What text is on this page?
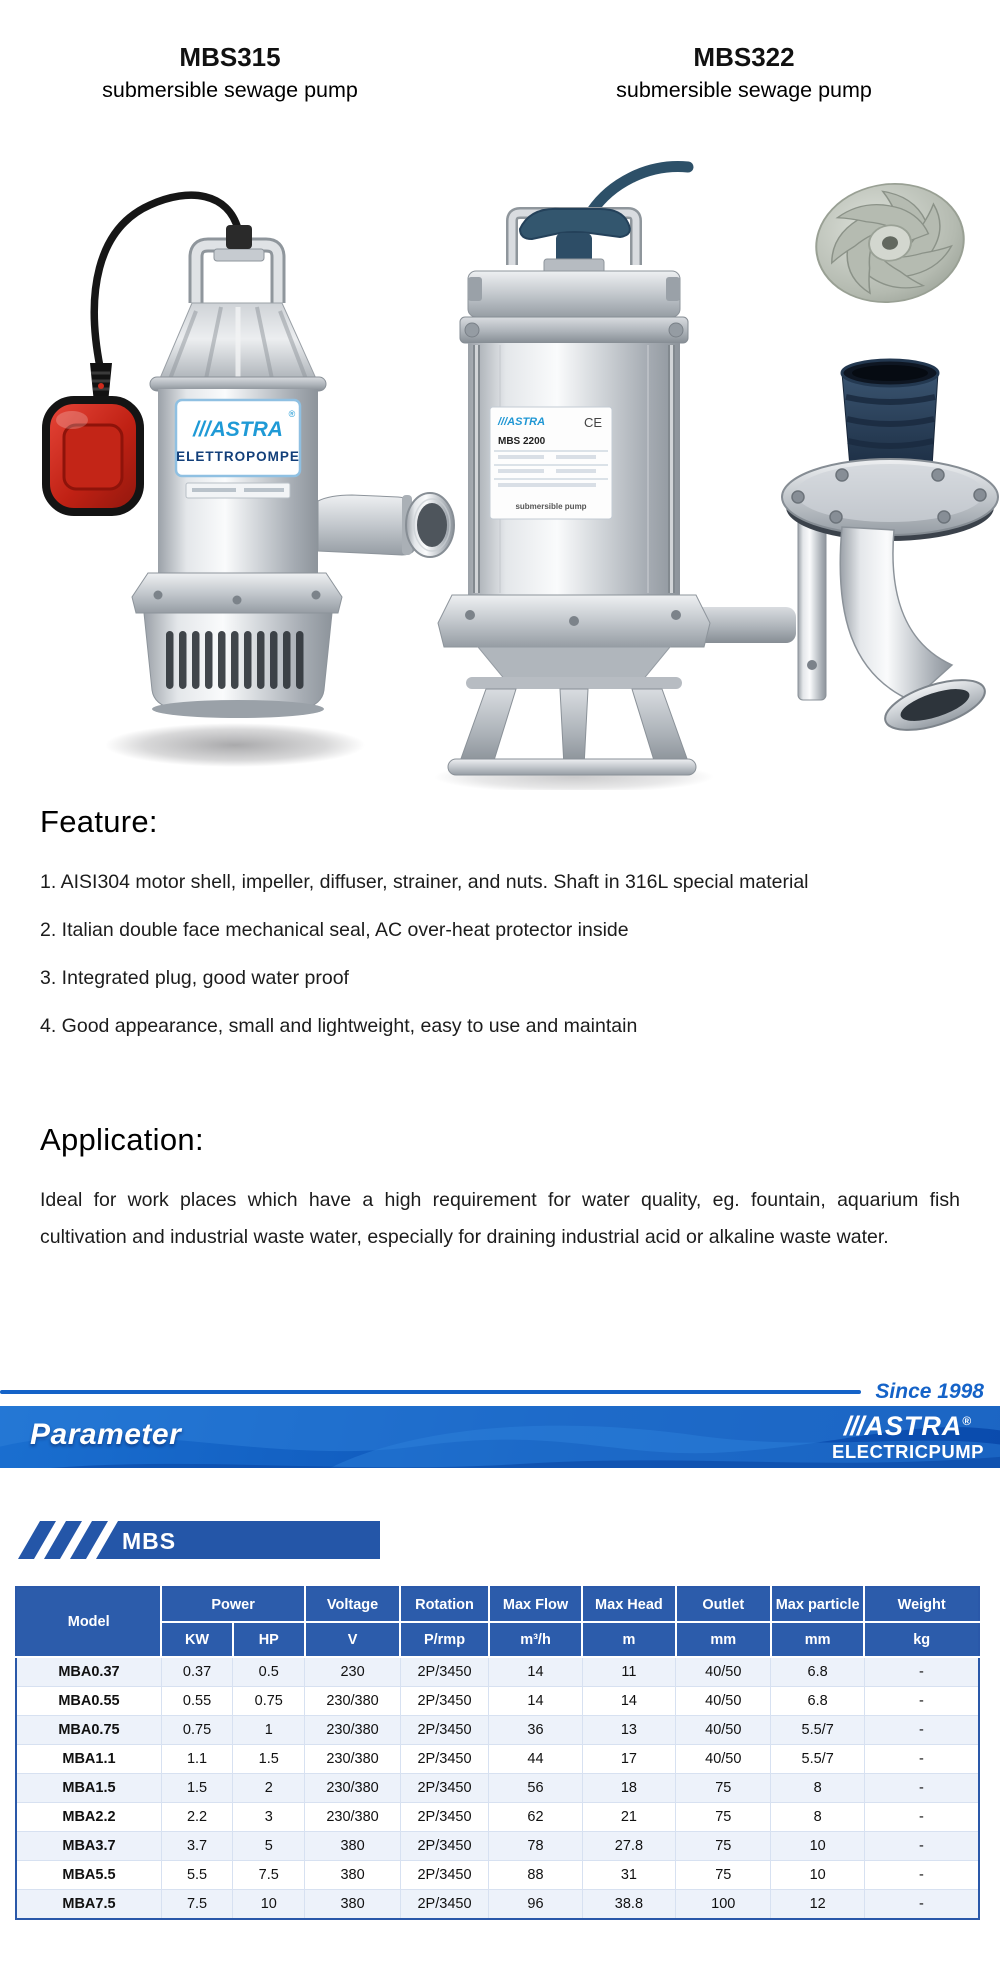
MBS315
submersible sewage pump
MBS322
submersible sewage pump
///ASTRA
®
ELETTROPOMPE
///ASTRA	CE
MBS 2200
submersible pump
Feature:

1. AISI304 motor shell, impeller, diffuser, strainer, and nuts. Shaft in 316L special material

2. Italian double face mechanical seal, AC over-heat protector inside

3. Integrated plug, good water proof

4. Good appearance, small and lightweight, easy to use and maintain

Application:

Ideal for work places which have a high requirement for water quality, eg. fountain, aquarium fish cultivation and industrial waste water, especially for draining industrial acid or alkaline waste water.

Since 1998
Parameter	///ASTRA®
ELECTRICPUMP
MBS
Model	Power		Voltage	Rotation	Max Flow	Max Head	Outlet	Max particle	Weight
	KW	HP	V	P/rmp	m³/h	m	mm	mm	kg
MBA0.37	0.37	0.5	230	2P/3450	14	11	40/50	6.8	-
MBA0.55	0.55	0.75	230/380	2P/3450	14	14	40/50	6.8	-
MBA0.75	0.75	1	230/380	2P/3450	36	13	40/50	5.5/7	-
MBA1.1	1.1	1.5	230/380	2P/3450	44	17	40/50	5.5/7	-
MBA1.5	1.5	2	230/380	2P/3450	56	18	75	8	-
MBA2.2	2.2	3	230/380	2P/3450	62	21	75	8	-
MBA3.7	3.7	5	380	2P/3450	78	27.8	75	10	-
MBA5.5	5.5	7.5	380	2P/3450	88	31	75	10	-
MBA7.5	7.5	10	380	2P/3450	96	38.8	100	12	-
